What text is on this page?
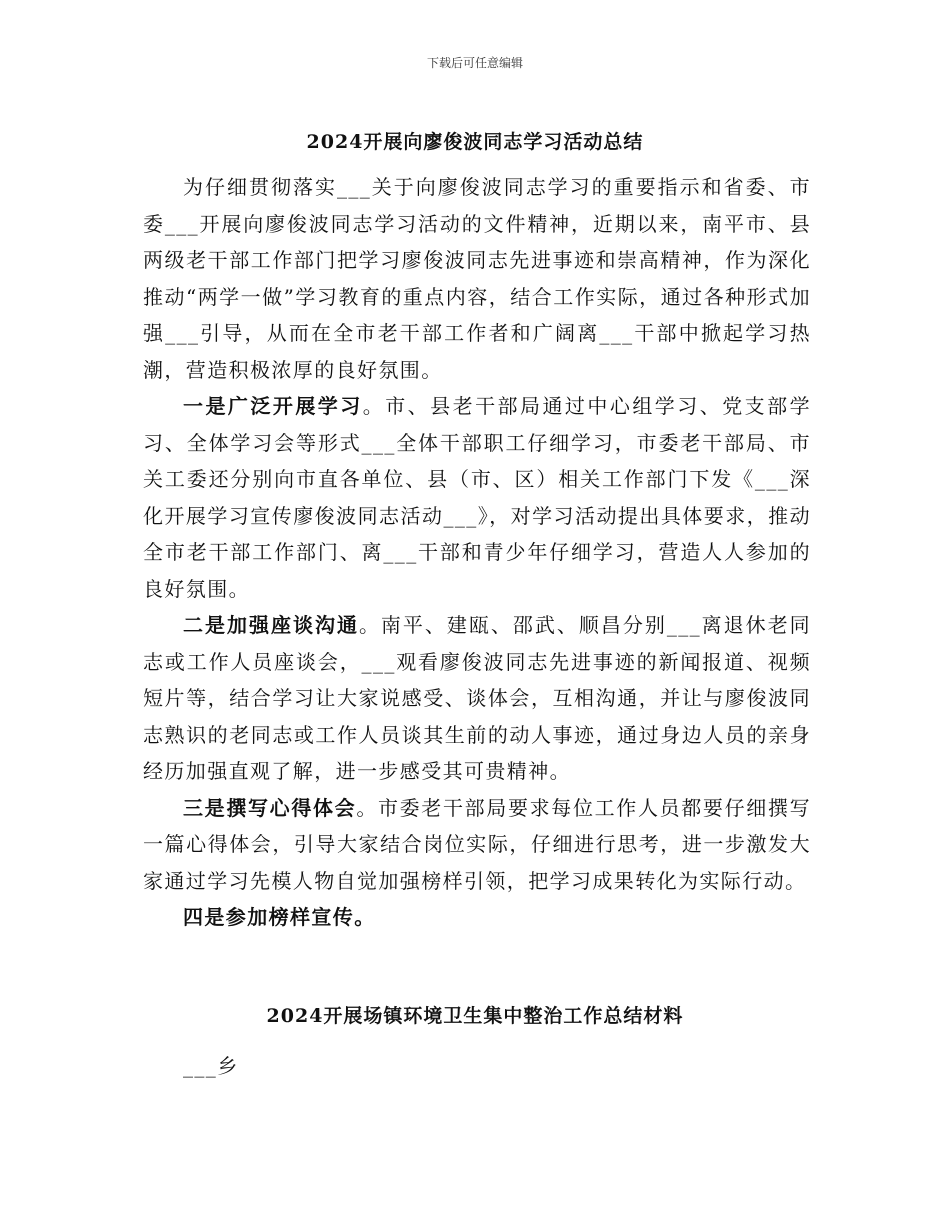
下载后可任意编辑
2024开展向廖俊波同志学习活动总结

为仔细贯彻落实___关于向廖俊波同志学习的重要指示和省委、市委___开展向廖俊波同志学习活动的文件精神，近期以来，南平市、县两级老干部工作部门把学习廖俊波同志先进事迹和崇高精神，作为深化推动“两学一做”学习教育的重点内容，结合工作实际，通过各种形式加强___引导，从而在全市老干部工作者和广阔离___干部中掀起学习热潮，营造积极浓厚的良好氛围。

一是广泛开展学习。市、县老干部局通过中心组学习、党支部学习、全体学习会等形式___全体干部职工仔细学习，市委老干部局、市关工委还分别向市直各单位、县（市、区）相关工作部门下发《___深化开展学习宣传廖俊波同志活动___》，对学习活动提出具体要求，推动全市老干部工作部门、离___干部和青少年仔细学习，营造人人参加的良好氛围。

二是加强座谈沟通。南平、建瓯、邵武、顺昌分别___离退休老同志或工作人员座谈会，___观看廖俊波同志先进事迹的新闻报道、视频短片等，结合学习让大家说感受、谈体会，互相沟通，并让与廖俊波同志熟识的老同志或工作人员谈其生前的动人事迹，通过身边人员的亲身经历加强直观了解，进一步感受其可贵精神。

三是撰写心得体会。市委老干部局要求每位工作人员都要仔细撰写一篇心得体会，引导大家结合岗位实际，仔细进行思考，进一步激发大家通过学习先模人物自觉加强榜样引领，把学习成果转化为实际行动。

四是参加榜样宣传。

2024开展场镇环境卫生集中整治工作总结材料

___乡
